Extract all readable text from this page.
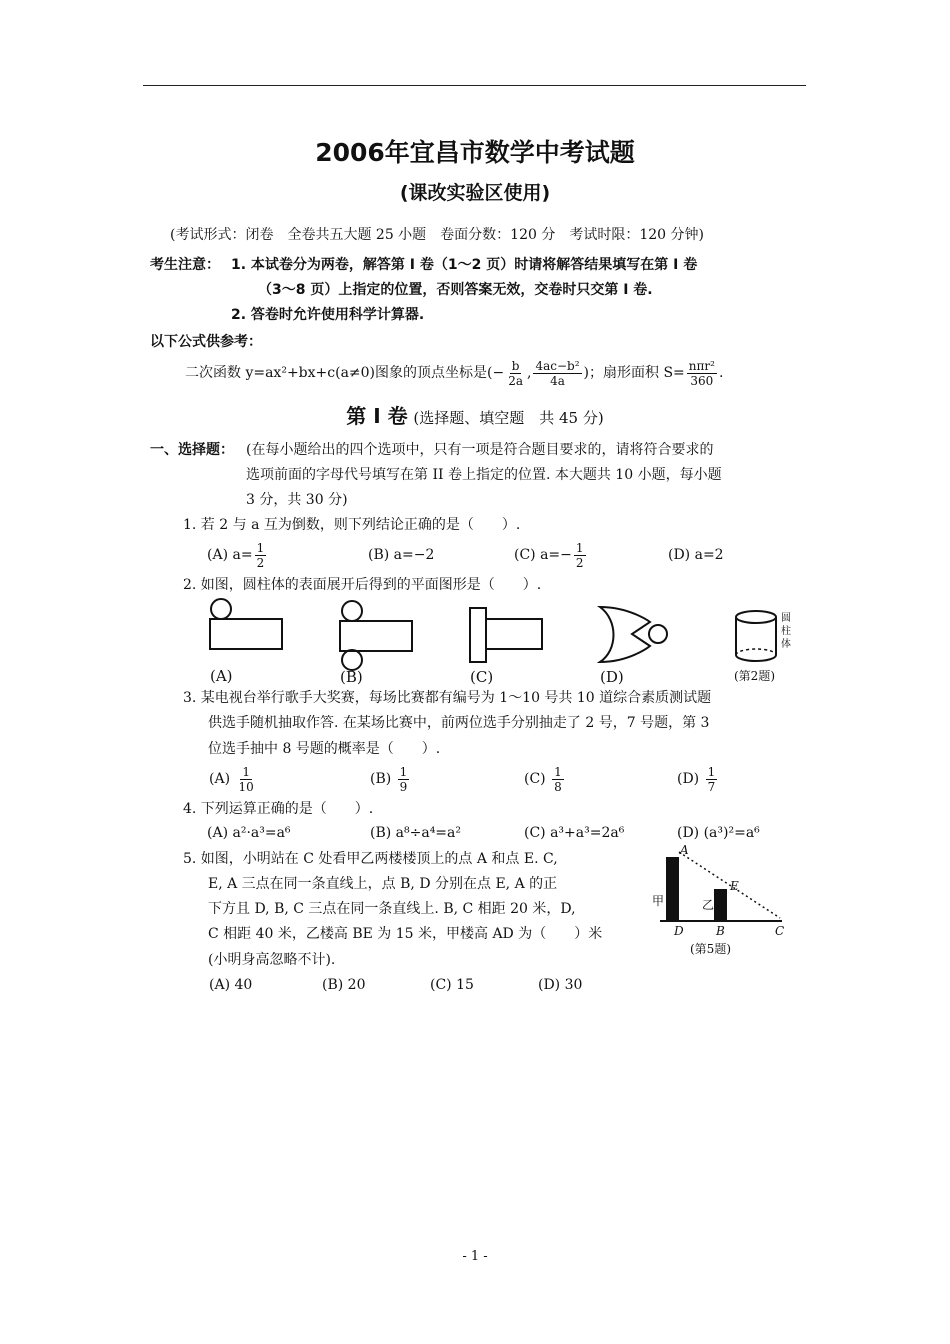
2006年宜昌市数学中考试题
(课改实验区使用)
(考试形式：闭卷　全卷共五大题 25 小题　卷面分数：120 分　考试时限：120 分钟)
考生注意： 1. 本试卷分为两卷，解答第 I 卷（1～2 页）时请将解答结果填写在第 I 卷
（3～8 页）上指定的位置，否则答案无效，交卷时只交第 I 卷.
2. 答卷时允许使用科学计算器.
以下公式供参考：
二次函数 y=ax²+bx+c(a≠0)图象的顶点坐标是(− $\frac{b}{2a}$ , $\frac{\text{4ac−b²}}{4a}$ )；扇形面积 $S= \frac{\text{nπr²}}{360}$ .
第 I 卷 (选择题、填空题　共 45 分)
一、选择题： (在每小题给出的四个选项中，只有一项是符合题目要求的，请将符合要求的
选项前面的字母代号填写在第 II 卷上指定的位置. 本大题共 10 小题，每小题
3 分，共 30 分)
1. 若 2 与 a 互为倒数，则下列结论正确的是（　　）.
(A) $a= \frac{1}{2}$	(B) a=−2	(C) $a=- \frac{1}{2}$	(D) a=2
2. 如图，圆柱体的表面展开后得到的平面图形是（　　）.
(A)	(B)	(C)	(D)	(第2题)
圆
柱
体
3. 某电视台举行歌手大奖赛，每场比赛都有编号为 1～10 号共 10 道综合素质测试题
供选手随机抽取作答. 在某场比赛中，前两位选手分别抽走了 2 号，7 号题，第 3
位选手抽中 8 号题的概率是（　　）.
$(A) \frac{1}{10}$	$(B) \frac{1}{9}$	$(C) \frac{1}{8}$	$(D) \frac{1}{7}$
4. 下列运算正确的是（　　）.
(A) a²·a³=a⁶	(B) a⁸÷a⁴=a²	(C) a³+a³=2a⁶	(D) (a³)²=a⁶
5. 如图，小明站在 C 处看甲乙两楼楼顶上的点 A 和点 E. C,
E, A 三点在同一条直线上，点 B, D 分别在点 E, A 的正
下方且 D, B, C 三点在同一条直线上. B, C 相距 20 米，D,
C 相距 40 米，乙楼高 BE 为 15 米，甲楼高 AD 为（　　）米
(小明身高忽略不计).
(A) 40	(B) 20	(C) 15	(D) 30
A
E
甲	乙
D	B	C
(第5题)
- 1 -
